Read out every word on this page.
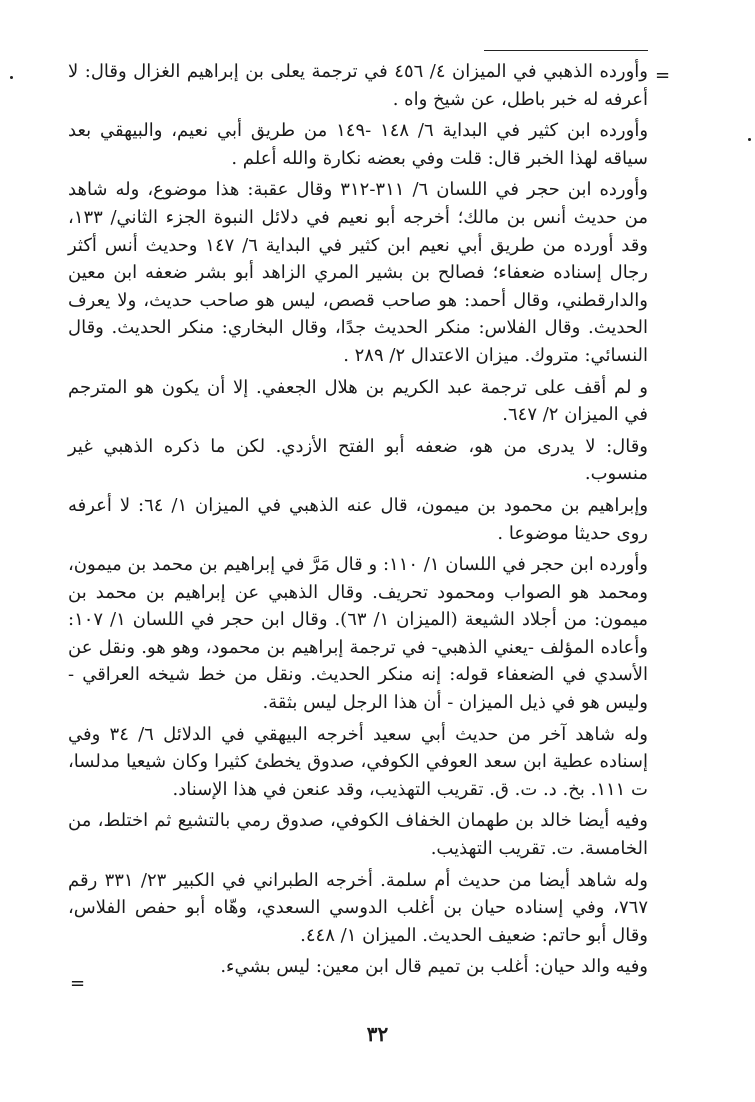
=

وأورده الذهبي في الميزان ٤/ ٤٥٦ في ترجمة يعلى بن إبراهيم الغزال وقال: لا أعرفه له خبر باطل، عن شيخ واه .

وأورده ابن كثير في البداية ٦/ ١٤٨ -١٤٩ من طريق أبي نعيم، والبيهقي بعد سياقه لهذا الخبر قال: قلت وفي بعضه نكارة والله أعلم .

وأورده ابن حجر في اللسان ٦/ ٣١١-٣١٢ وقال عقبة: هذا موضوع، وله شاهد من حديث أنس بن مالك؛ أخرجه أبو نعيم في دلائل النبوة الجزء الثاني/ ١٣٣، وقد أورده من طريق أبي نعيم ابن كثير في البداية ٦/ ١٤٧ وحديث أنس أكثر رجال إسناده ضعفاء؛ فصالح بن بشير المري الزاهد أبو بشر ضعفه ابن معين والدارقطني، وقال أحمد: هو صاحب قصص، ليس هو صاحب حديث، ولا يعرف الحديث. وقال الفلاس: منكر الحديث جدًا، وقال البخاري: منكر الحديث. وقال النسائي: متروك. ميزان الاعتدال ٢/ ٢٨٩ .

و لم أقف على ترجمة عبد الكريم بن هلال الجعفي. إلا أن يكون هو المترجم في الميزان ٢/ ٦٤٧.

وقال: لا يدرى من هو، ضعفه أبو الفتح الأزدي. لكن ما ذكره الذهبي غير منسوب.

وإبراهيم بن محمود بن ميمون، قال عنه الذهبي في الميزان ١/ ٦٤: لا أعرفه روى حديثا موضوعا .

وأورده ابن حجر في اللسان ١/ ١١٠: و قال مَرَّ في إبراهيم بن محمد بن ميمون، ومحمد هو الصواب ومحمود تحريف. وقال الذهبي عن إبراهيم بن محمد بن ميمون: من أجلاد الشيعة (الميزان ١/ ٦٣). وقال ابن حجر في اللسان ١/ ١٠٧: وأعاده المؤلف -يعني الذهبي- في ترجمة إبراهيم بن محمود، وهو هو. ونقل عن الأسدي في الضعفاء قوله: إنه منكر الحديث. ونقل من خط شيخه العراقي - وليس هو في ذيل الميزان - أن هذا الرجل ليس بثقة.

وله شاهد آخر من حديث أبي سعيد أخرجه البيهقي في الدلائل ٦/ ٣٤ وفي إسناده عطية ابن سعد العوفي الكوفي، صدوق يخطئ كثيرا وكان شيعيا مدلسا، ت ١١١. بخ. د. ت. ق. تقريب التهذيب، وقد عنعن في هذا الإسناد.

وفيه أيضا خالد بن طهمان الخفاف الكوفي، صدوق رمي بالتشيع ثم اختلط، من الخامسة. ت. تقريب التهذيب.

وله شاهد أيضا من حديث أم سلمة. أخرجه الطبراني في الكبير ٢٣/ ٣٣١ رقم ٧٦٧، وفي إسناده حيان بن أغلب الدوسي السعدي، وهّاه أبو حفص الفلاس، وقال أبو حاتم: ضعيف الحديث. الميزان ١/ ٤٤٨.

وفيه والد حيان: أغلب بن تميم قال ابن معين: ليس بشيء.

=
٣٢
